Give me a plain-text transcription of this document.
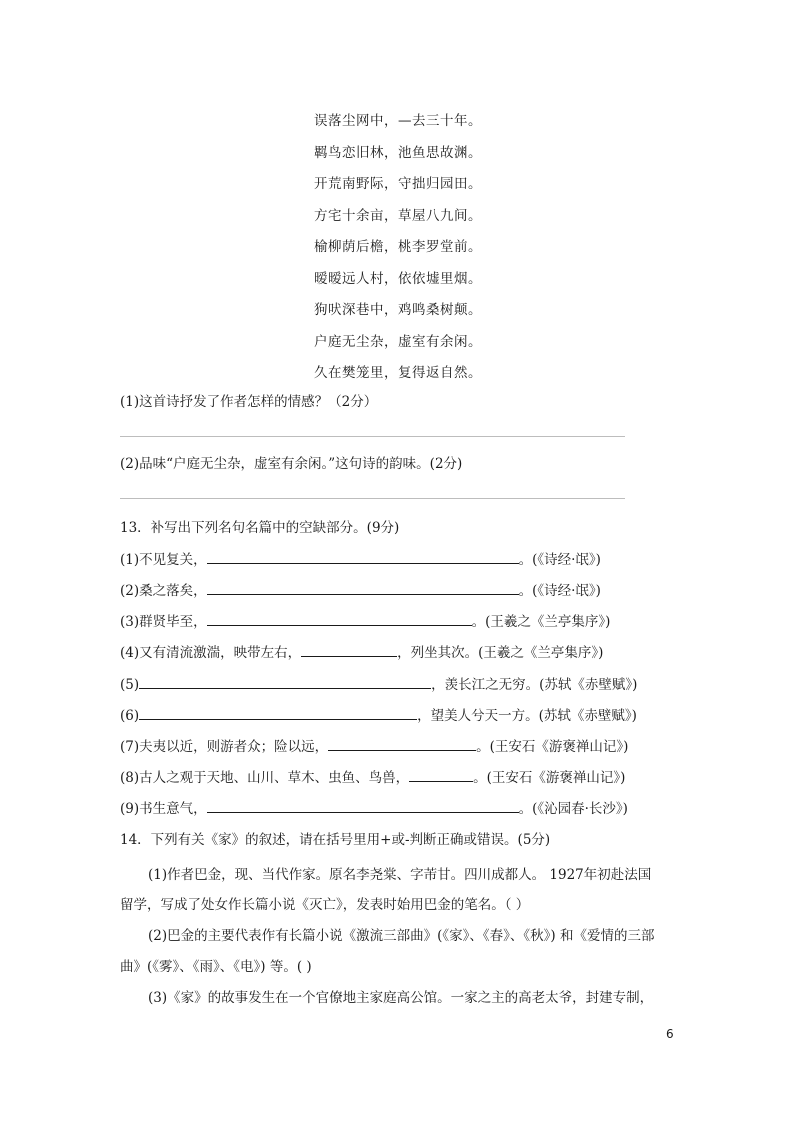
误落尘网中，—去三十年。
羁鸟恋旧林，池鱼思故渊。
开荒南野际，守拙归园田。
方宅十余亩，草屋八九间。
榆柳荫后檐，桃李罗堂前。
暧暧远人村，依依墟里烟。
狗吠深巷中，鸡鸣桑树颠。
户庭无尘杂，虚室有余闲。
久在樊笼里，复得返自然。
(1)这首诗抒发了作者怎样的情感？（2分）
(2)品味“户庭无尘杂，虚室有余闲。”这句诗的韵味。(2分)
13．补写出下列名句名篇中的空缺部分。(9分)
(1)不见复关，	。(《诗经·氓》)
(2)桑之落矣，	。(《诗经·氓》)
(3)群贤毕至，	。(王羲之《兰亭集序》)
(4)又有清流激湍，映带左右，	，列坐其次。(王羲之《兰亭集序》)
(5)	，羡长江之无穷。(苏轼《赤壁赋》)
(6)	，望美人兮天一方。(苏轼《赤壁赋》)
(7)夫夷以近，则游者众；险以远，	。(王安石《游褒禅山记》)
(8)古人之观于天地、山川、草木、虫鱼、鸟兽，	。(王安石《游褒禅山记》)
(9)书生意气，	。(《沁园春·长沙》)
14．下列有关《家》的叙述，请在括号里用+或-判断正确或错误。(5分)
(1)作者巴金，现、当代作家。原名李尧棠、字芾甘。四川成都人。 1927年初赴法国
留学，写成了处女作长篇小说《灭亡》，发表时始用巴金的笔名。（ ）
(2)巴金的主要代表作有长篇小说《激流三部曲》(《家》、《春》、《秋》) 和《爱情的三部
曲》(《雾》、《雨》、《电》) 等。( )
(3)《家》的故事发生在一个官僚地主家庭高公馆。一家之主的高老太爷，封建专制，
6
